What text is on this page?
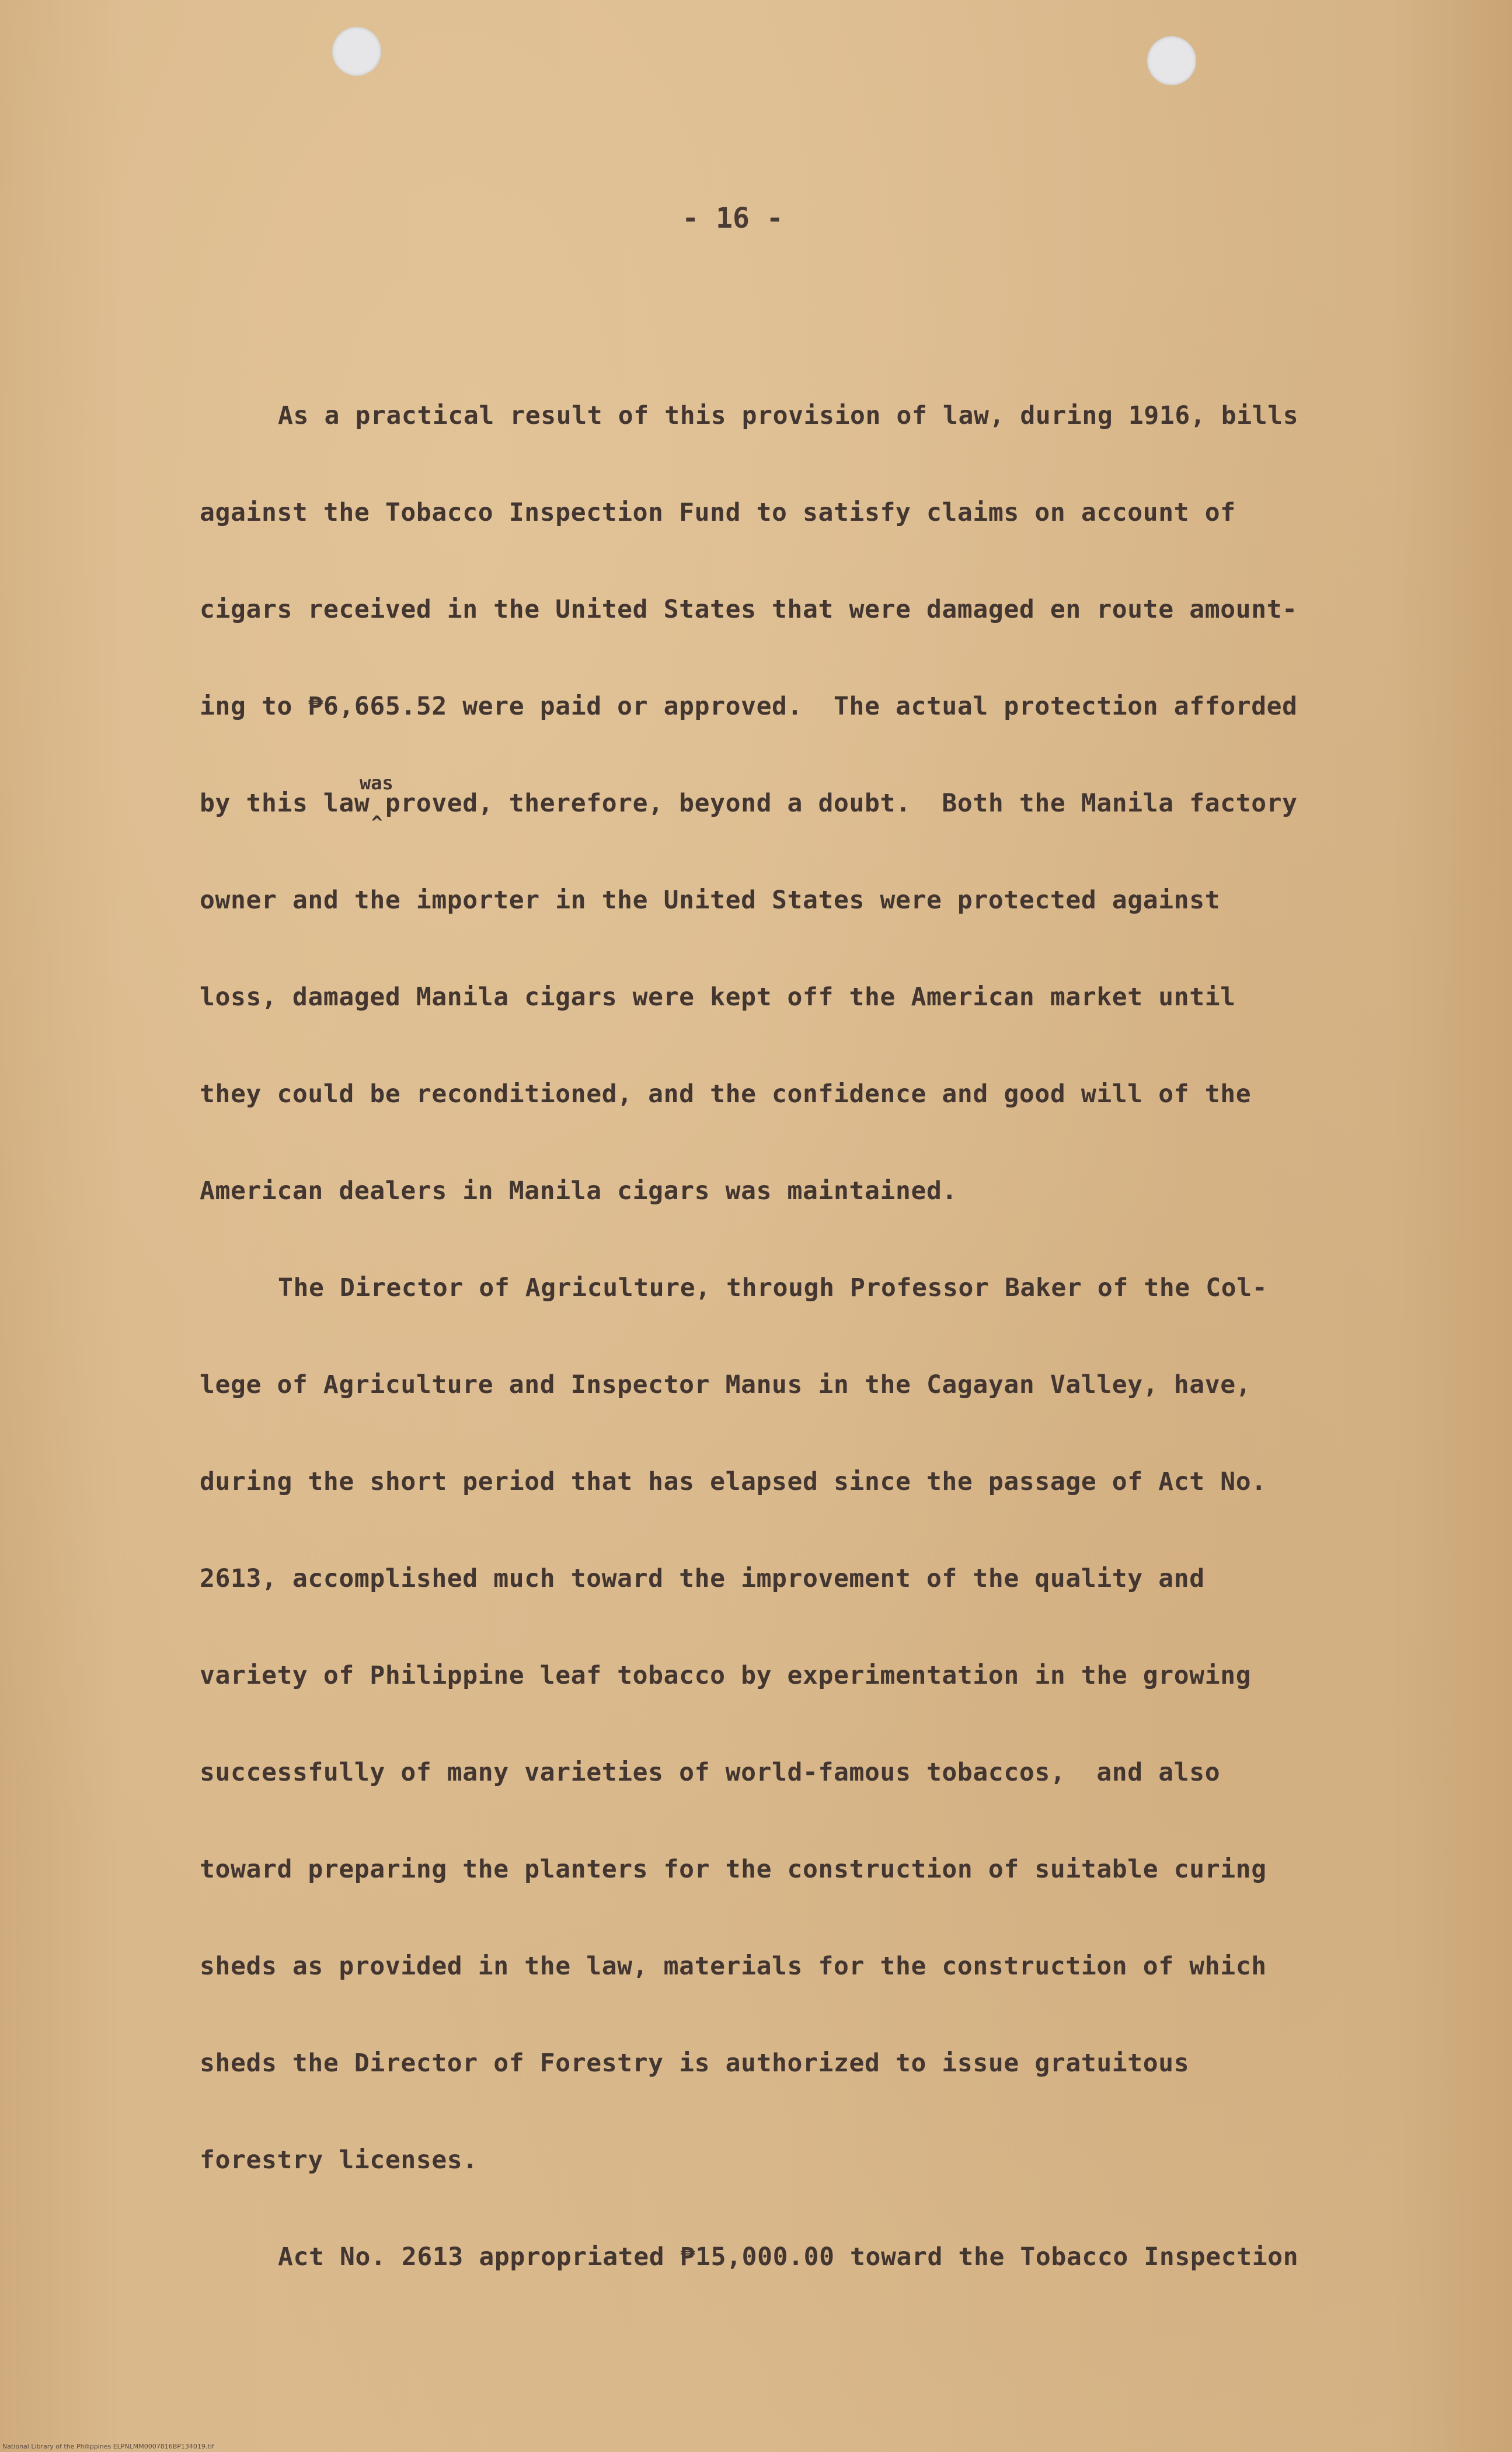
- 16 -
As a practical result of this provision of law, during 1916, bills
against the Tobacco Inspection Fund to satisfy claims on account of
cigars received in the United States that were damaged en route amount-
ing to ₱6,665.52 were paid or approved.  The actual protection afforded
by this law proved, therefore, beyond a doubt.  Both the Manila factory
was
^
owner and the importer in the United States were protected against
loss, damaged Manila cigars were kept off the American market until
they could be reconditioned, and the confidence and good will of the
American dealers in Manila cigars was maintained.
The Director of Agriculture, through Professor Baker of the Col-
lege of Agriculture and Inspector Manus in the Cagayan Valley, have,
during the short period that has elapsed since the passage of Act No.
2613, accomplished much toward the improvement of the quality and
variety of Philippine leaf tobacco by experimentation in the growing
successfully of many varieties of world-famous tobaccos,  and also
toward preparing the planters for the construction of suitable curing
sheds as provided in the law, materials for the construction of which
sheds the Director of Forestry is authorized to issue gratuitous
forestry licenses.
Act No. 2613 appropriated ₱15,000.00 toward the Tobacco Inspection
National Library of the Philippines ELPNLMM0007816BP134019.tif
